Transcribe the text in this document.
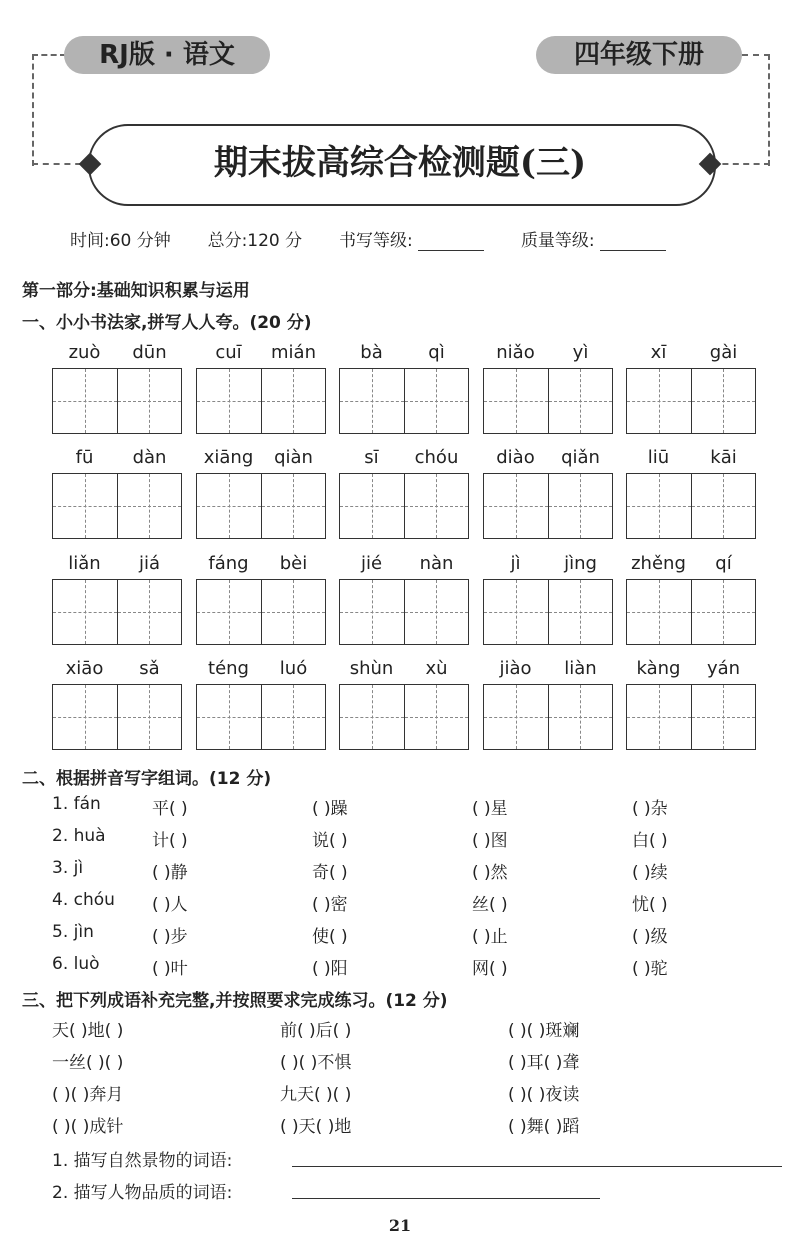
RJ版 · 语文	四年级下册
期末拔高综合检测题(三)
时间:60 分钟 总分:120 分 书写等级:	质量等级:
第一部分:基础知识积累与运用
一、小小书法家,拼写人人夸。(20 分)
zuò	dūn	cuī	mián	bà	qì	niǎo	yì	xī	gài
fū	dàn	xiāng	qiàn	sī	chóu	diào	qiǎn	liū	kāi
liǎn	jiá	fáng	bèi	jié	nàn	jì	jìng	zhěng	qí
xiāo	sǎ	téng	luó	shùn	xù	jiào	liàn	kàng	yán
二、根据拼音写字组词。(12 分)
1. fán	平( )	( )躁	( )星	( )杂
2. huà	计( )	说( )	( )图	白( )
3. jì	( )静	奇( )	( )然	( )续
4. chóu ( )人	( )密	丝( )	忧( )
5. jìn	( )步	使( )	( )止	( )级
6. luò	( )叶	( )阳	网( )	( )驼
三、把下列成语补充完整,并按照要求完成练习。(12 分)
天( )地( )	前( )后( )	( )( )斑斓
一丝( )( )	( )( )不惧	( )耳( )聋
( )( )奔月	九天( )( )	( )( )夜读
( )( )成针	( )天( )地	( )舞( )蹈
1. 描写自然景物的词语:
2. 描写人物品质的词语:
21
